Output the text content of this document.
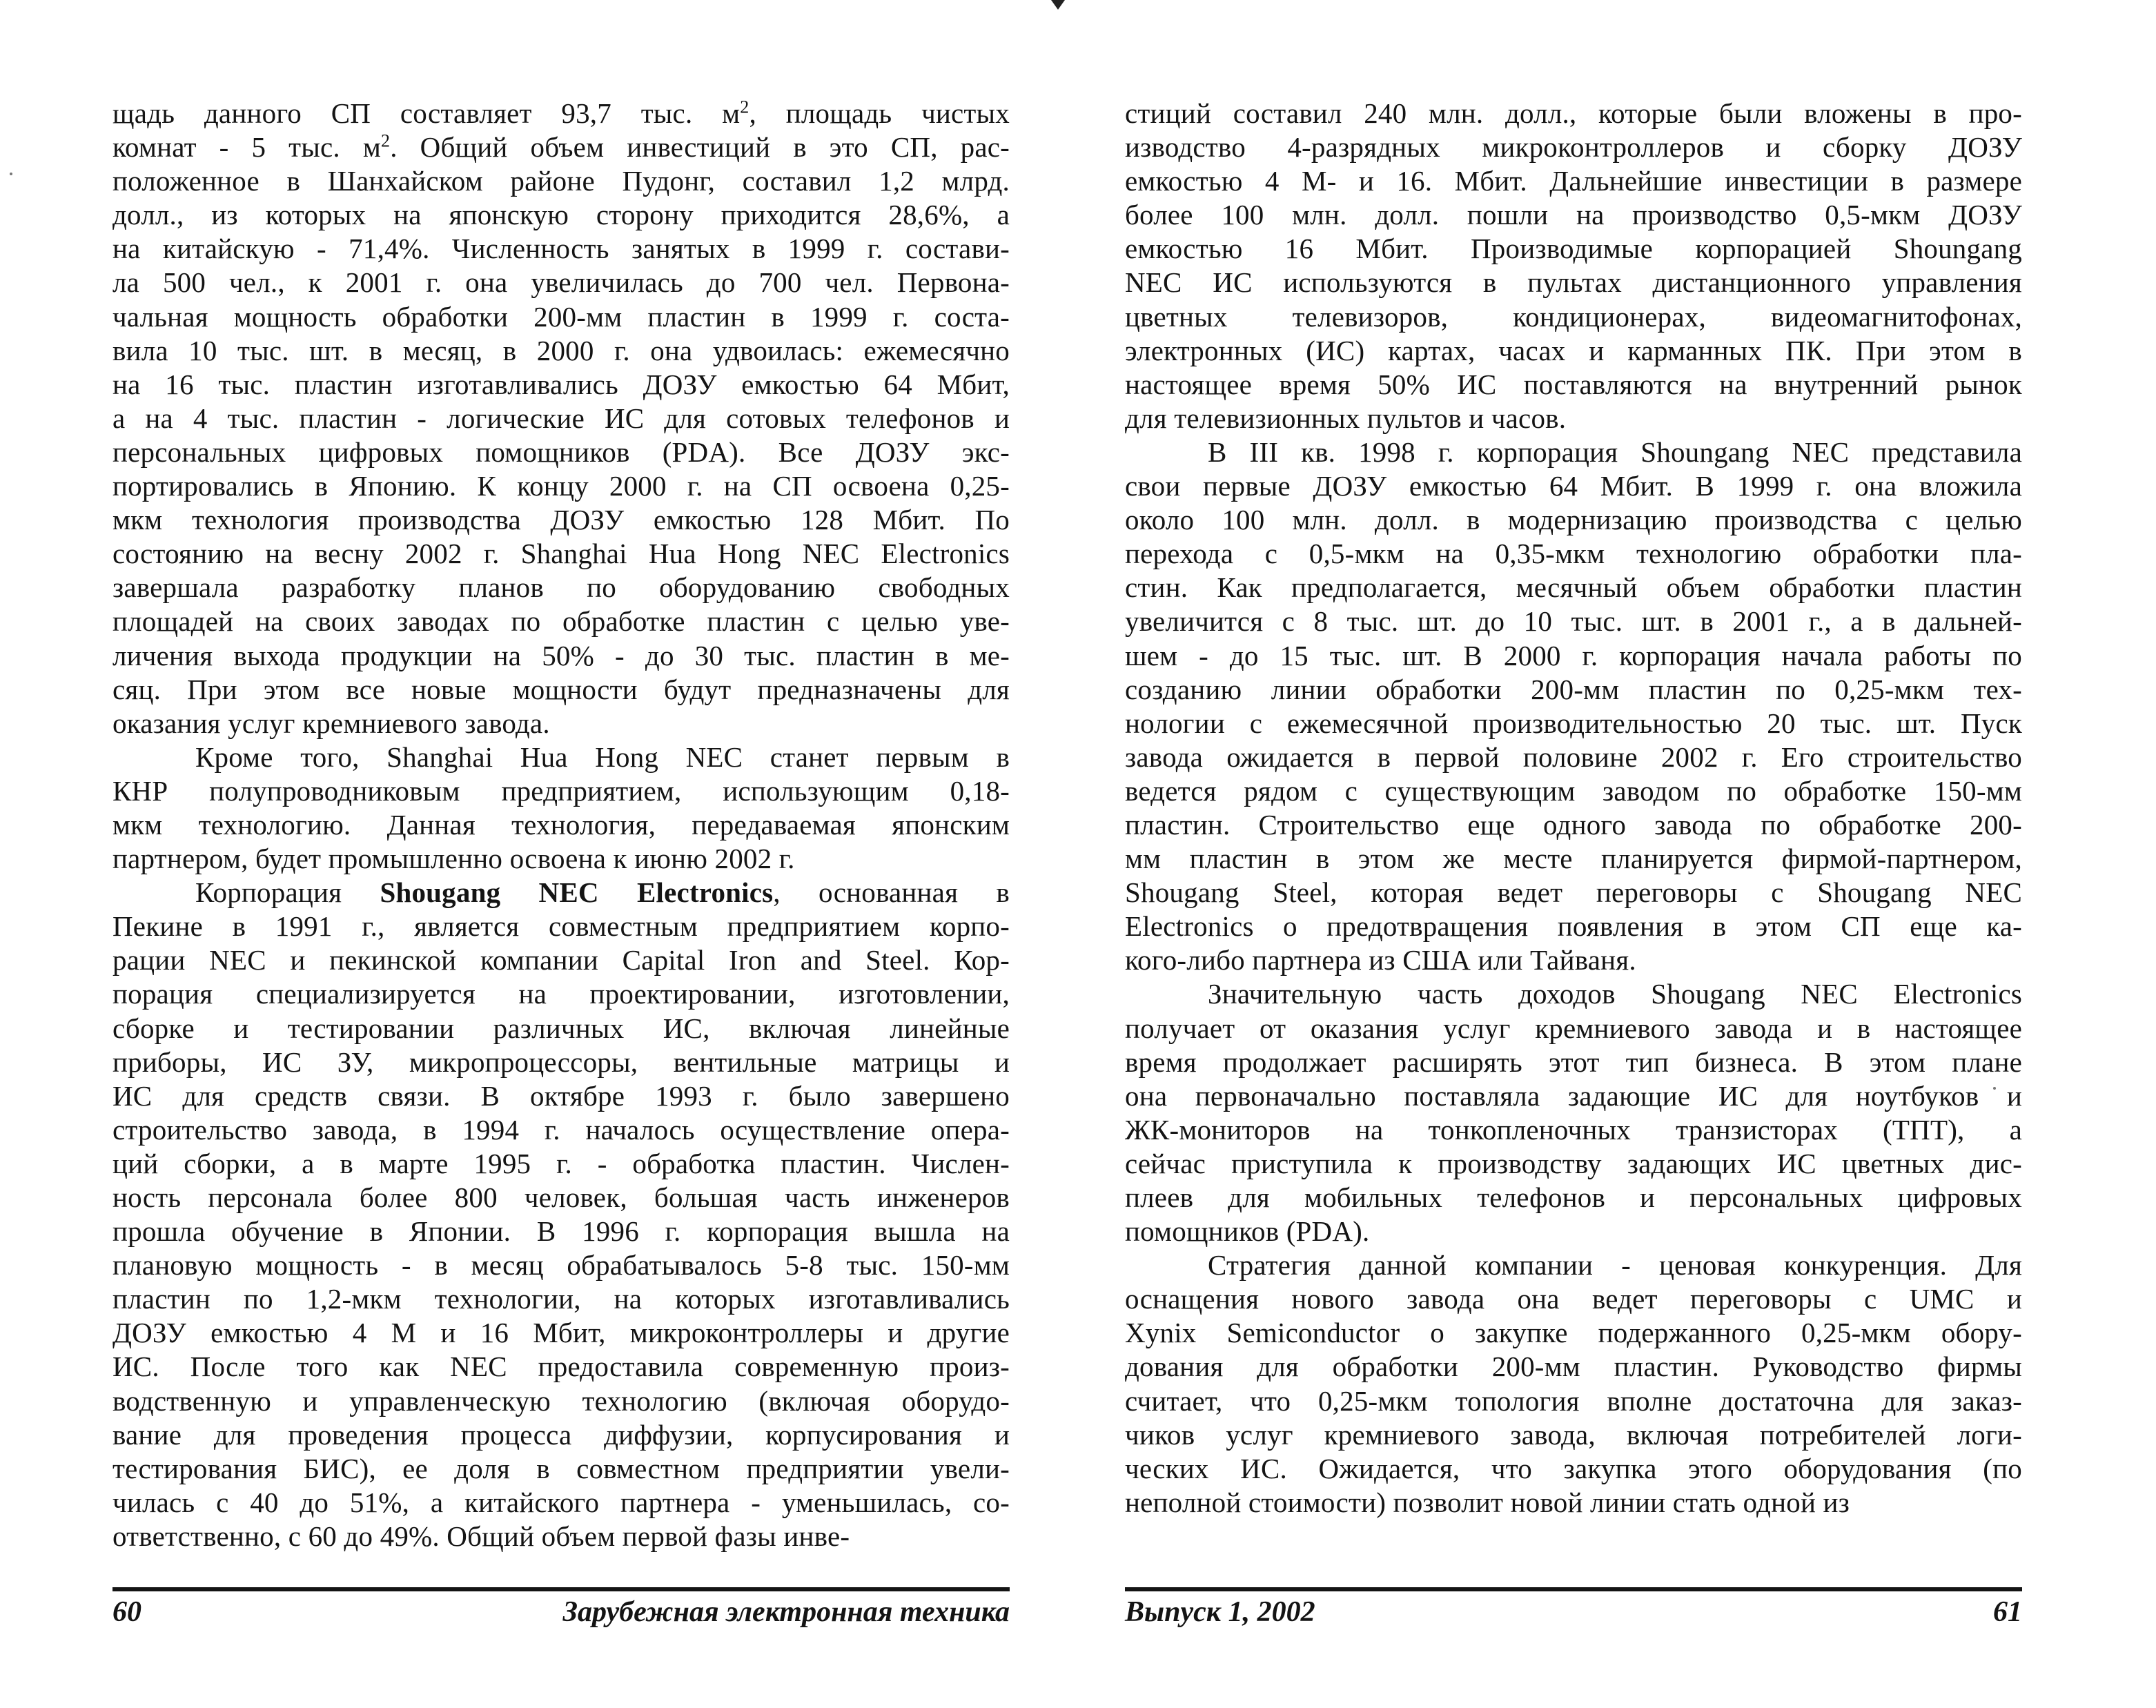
щадь данного СП составляет 93,7 тыс. $м^2$, площадь чистых
комнат - 5 тыс. $м^2$. Общий объем инвестиций в это СП, рас-
положенное в Шанхайском районе Пудонг, составил 1,2 млрд.
долл., из которых на японскую сторону приходится 28,6%, а
на китайскую - 71,4%. Численность занятых в 1999 г. состави-
ла 500 чел., к 2001 г. она увеличилась до 700 чел. Первона-
чальная мощность обработки 200-мм пластин в 1999 г. соста-
вила 10 тыс. шт. в месяц, в 2000 г. она удвоилась: ежемесячно
на 16 тыс. пластин изготавливались ДОЗУ емкостью 64 Мбит,
а на 4 тыс. пластин - логические ИС для сотовых телефонов и
персональных цифровых помощников (PDA). Все ДОЗУ экс-
портировались в Японию. К концу 2000 г. на СП освоена 0,25-
мкм технология производства ДОЗУ емкостью 128 Мбит. По
состоянию на весну 2002 г. Shanghai Hua Hong NEC Electronics
завершала разработку планов по оборудованию свободных
площадей на своих заводах по обработке пластин с целью уве-
личения выхода продукции на 50% - до 30 тыс. пластин в ме-
сяц. При этом все новые мощности будут предназначены для
оказания услуг кремниевого завода.
Кроме того, Shanghai Hua Hong NEC станет первым в
КНР полупроводниковым предприятием, использующим 0,18-
мкм технологию. Данная технология, передаваемая японским
партнером, будет промышленно освоена к июню 2002 г.
Корпорация Shougang NEC Electronics, основанная в
Пекине в 1991 г., является совместным предприятием корпо-
рации NEC и пекинской компании Capital Iron and Steel. Кор-
порация специализируется на проектировании, изготовлении,
сборке и тестировании различных ИС, включая линейные
приборы, ИС ЗУ, микропроцессоры, вентильные матрицы и
ИС для средств связи. В октябре 1993 г. было завершено
строительство завода, в 1994 г. началось осуществление опера-
ций сборки, а в марте 1995 г. - обработка пластин. Числен-
ность персонала более 800 человек, большая часть инженеров
прошла обучение в Японии. В 1996 г. корпорация вышла на
плановую мощность - в месяц обрабатывалось 5-8 тыс. 150-мм
пластин по 1,2-мкм технологии, на которых изготавливались
ДОЗУ емкостью 4 М и 16 Мбит, микроконтроллеры и другие
ИС. После того как NEC предоставила современную произ-
водственную и управленческую технологию (включая оборудо-
вание для проведения процесса диффузии, корпусирования и
тестирования БИС), ее доля в совместном предприятии увели-
чилась с 40 до 51%, а китайского партнера - уменьшилась, со-
ответственно, с 60 до 49%. Общий объем первой фазы инве-
стиций составил 240 млн. долл., которые были вложены в про-
изводство 4-разрядных микроконтроллеров и сборку ДОЗУ
емкостью 4 М- и 16. Мбит. Дальнейшие инвестиции в размере
более 100 млн. долл. пошли на производство 0,5-мкм ДОЗУ
емкостью 16 Мбит. Производимые корпорацией Shoungang
NEC ИС используются в пультах дистанционного управления
цветных телевизоров, кондиционерах, видеомагнитофонах,
электронных (ИС) картах, часах и карманных ПК. При этом в
настоящее время 50% ИС поставляются на внутренний рынок
для телевизионных пультов и часов.
В III кв. 1998 г. корпорация Shoungang NEC представила
свои первые ДОЗУ емкостью 64 Мбит. В 1999 г. она вложила
около 100 млн. долл. в модернизацию производства с целью
перехода с 0,5-мкм на 0,35-мкм технологию обработки пла-
стин. Как предполагается, месячный объем обработки пластин
увеличится с 8 тыс. шт. до 10 тыс. шт. в 2001 г., а в дальней-
шем - до 15 тыс. шт. В 2000 г. корпорация начала работы по
созданию линии обработки 200-мм пластин по 0,25-мкм тех-
нологии с ежемесячной производительностью 20 тыс. шт. Пуск
завода ожидается в первой половине 2002 г. Его строительство
ведется рядом с существующим заводом по обработке 150-мм
пластин. Строительство еще одного завода по обработке 200-
мм пластин в этом же месте планируется фирмой-партнером,
Shougang Steel, которая ведет переговоры с Shougang NEC
Electronics о предотвращения появления в этом СП еще ка-
кого-либо партнера из США или Тайваня.
Значительную часть доходов Shougang NEC Electronics
получает от оказания услуг кремниевого завода и в настоящее
время продолжает расширять этот тип бизнеса. В этом плане
она первоначально поставляла задающие ИС для ноутбуков и
ЖК-мониторов на тонкопленочных транзисторах (ТПТ), а
сейчас приступила к производству задающих ИС цветных дис-
плеев для мобильных телефонов и персональных цифровых
помощников (PDA).
Стратегия данной компании - ценовая конкуренция. Для
оснащения нового завода она ведет переговоры с UMC и
Xynix Semiconductor о закупке подержанного 0,25-мкм обору-
дования для обработки 200-мм пластин. Руководство фирмы
считает, что 0,25-мкм топология вполне достаточна для заказ-
чиков услуг кремниевого завода, включая потребителей логи-
ческих ИС. Ожидается, что закупка этого оборудования (по
неполной стоимости) позволит новой линии стать одной из
60	Зарубежная электронная техника	Выпуск 1, 2002	61
